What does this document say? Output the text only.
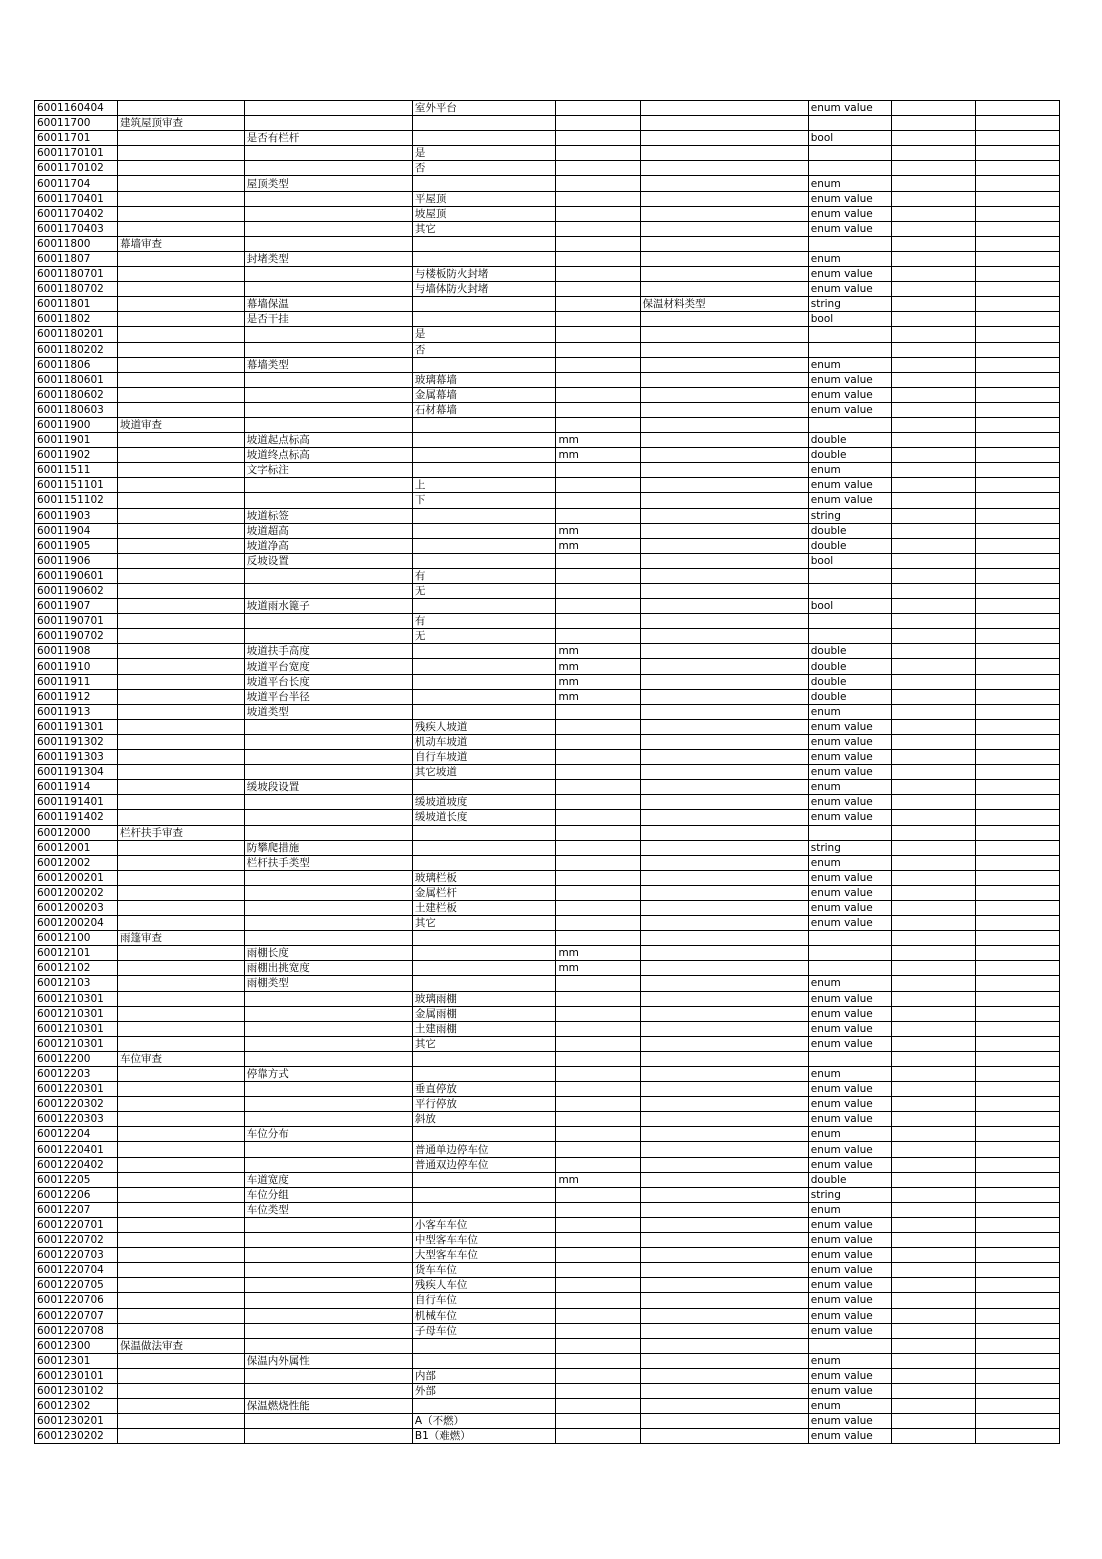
6001160404			室外平台			enum value		
60011700	建筑屋顶审查							
60011701		是否有栏杆				bool		
6001170101			是					
6001170102			否					
60011704		屋顶类型				enum		
6001170401			平屋顶			enum value		
6001170402			坡屋顶			enum value		
6001170403			其它			enum value		
60011800	幕墙审查							
60011807		封堵类型				enum		
6001180701			与楼板防火封堵			enum value		
6001180702			与墙体防火封堵			enum value		
60011801		幕墙保温			保温材料类型	string		
60011802		是否干挂				bool		
6001180201			是					
6001180202			否					
60011806		幕墙类型				enum		
6001180601			玻璃幕墙			enum value		
6001180602			金属幕墙			enum value		
6001180603			石材幕墙			enum value		
60011900	坡道审查							
60011901		坡道起点标高		mm		double		
60011902		坡道终点标高		mm		double		
60011511		文字标注				enum		
6001151101			上			enum value		
6001151102			下			enum value		
60011903		坡道标签				string		
60011904		坡道超高		mm		double		
60011905		坡道净高		mm		double		
60011906		反坡设置				bool		
6001190601			有					
6001190602			无					
60011907		坡道雨水篦子				bool		
6001190701			有					
6001190702			无					
60011908		坡道扶手高度		mm		double		
60011910		坡道平台宽度		mm		double		
60011911		坡道平台长度		mm		double		
60011912		坡道平台半径		mm		double		
60011913		坡道类型				enum		
6001191301			残疾人坡道			enum value		
6001191302			机动车坡道			enum value		
6001191303			自行车坡道			enum value		
6001191304			其它坡道			enum value		
60011914		缓坡段设置				enum		
6001191401			缓坡道坡度			enum value		
6001191402			缓坡道长度			enum value		
60012000	栏杆扶手审查							
60012001		防攀爬措施				string		
60012002		栏杆扶手类型				enum		
6001200201			玻璃栏板			enum value		
6001200202			金属栏杆			enum value		
6001200203			土建栏板			enum value		
6001200204			其它			enum value		
60012100	雨篷审查							
60012101		雨棚长度		mm				
60012102		雨棚出挑宽度		mm				
60012103		雨棚类型				enum		
6001210301			玻璃雨棚			enum value		
6001210301			金属雨棚			enum value		
6001210301			土建雨棚			enum value		
6001210301			其它			enum value		
60012200	车位审查							
60012203		停靠方式				enum		
6001220301			垂直停放			enum value		
6001220302			平行停放			enum value		
6001220303			斜放			enum value		
60012204		车位分布				enum		
6001220401			普通单边停车位			enum value		
6001220402			普通双边停车位			enum value		
60012205		车道宽度		mm		double		
60012206		车位分组				string		
60012207		车位类型				enum		
6001220701			小客车车位			enum value		
6001220702			中型客车车位			enum value		
6001220703			大型客车车位			enum value		
6001220704			货车车位			enum value		
6001220705			残疾人车位			enum value		
6001220706			自行车位			enum value		
6001220707			机械车位			enum value		
6001220708			子母车位			enum value		
60012300	保温做法审查							
60012301		保温内外属性				enum		
6001230101			内部			enum value		
6001230102			外部			enum value		
60012302		保温燃烧性能				enum		
6001230201			A（不燃）			enum value		
6001230202			B1（难燃）			enum value		
